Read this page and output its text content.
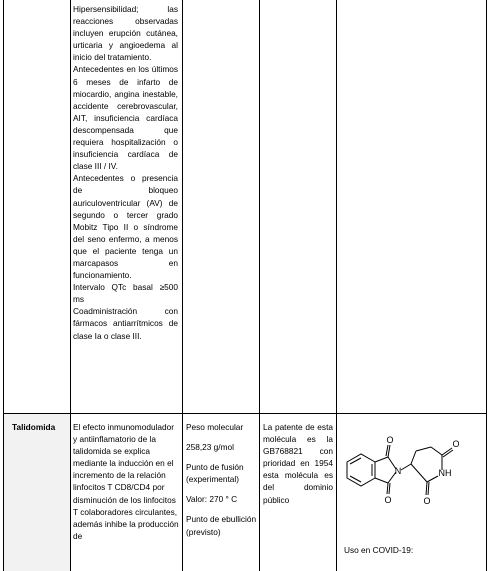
Hipersensibilidad; las reacciones observadas incluyen erupción cutánea, urticaria y angioedema al inicio del tratamiento.

Antecedentes en los últimos 6 meses de infarto de miocardio, angina inestable, accidente cerebrovascular, AIT, insuficiencia cardíaca descompensada que requiera hospitalización o insuficiencia cardíaca de clase III / IV.

Antecedentes o presencia de bloqueo auriculoventricular (AV) de segundo o tercer grado Mobitz Tipo II o síndrome del seno enfermo, a menos que el paciente tenga un marcapasos en funcionamiento.

Intervalo QTc basal ≥500 ms

Coadministración con fármacos antiarrítmicos de clase Ia o clase III.

Talidomida	El efecto inmunomodulador y antiinflamatorio de la talidomida se explica mediante la inducción en el incremento de la relación linfocitos T CD8/CD4 por disminución de los linfocitos T colaboradores circulantes, además inhibe la producción de

Peso molecular

258,23 g/mol

Punto de fusión (experimental)

Valor: 270 ° C

Punto de ebullición (previsto)

La patente de esta molécula es la GB768821 con prioridad en 1954 esta molécula es del dominio público
Uso en COVID-19:
O
O
N
O
NH
O
